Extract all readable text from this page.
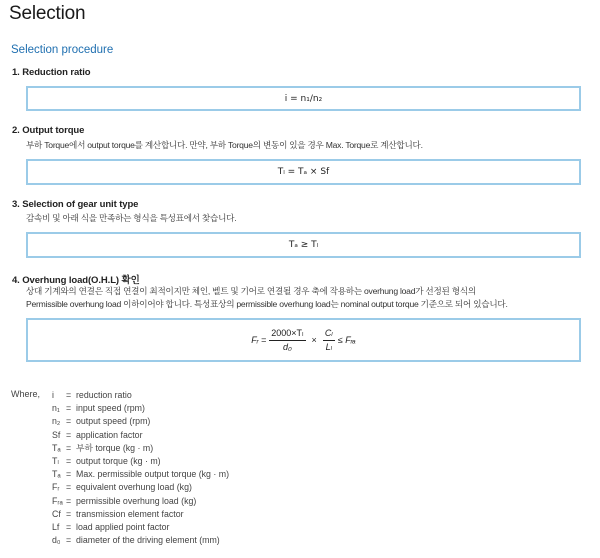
Selection
Selection procedure
1. Reduction ratio
i = n₁/n₂
2. Output torque
부하 Torque에서 output torque를 계산합니다. 만약, 부하 Torque의 변동이 있을 경우 Max. Torque로 계산합니다.
Tₗ = Tₐ × Sf
3. Selection of gear unit type
감속비 및 아래 식을 만족하는 형식을 특성표에서 찾습니다.
Tₐ ≥ Tₗ
4. Overhung load(O.H.L) 확인
상대 기계와의 연결은 직접 연결이 최적이지만 체인, 벨트 및 기어로 연결될 경우 축에 작용하는 overhung load가 선정된 형식의
Permissible overhung load 이하이어야 합니다. 특성표상의 permissible overhung load는 nominal output torque 기준으로 되어 있습니다.
Fᵣ = $\frac{\text{2000×Tₗ}}{\text{d₀}} \times \frac{\text{Cₗ}}{\text{Lₗ}}$ ≤ Fᵣₐ
Where, i	= reduction ratio
n₁ = input speed (rpm)
n₂ = output speed (rpm)
Sf = application factor
Tₐ = 부하 torque (kg · m)
Tₗ = output torque (kg · m)
Tₐ = Max. permissible output torque (kg · m)
Fᵣ = equivalent overhung load (kg)
Fᵣₐ = permissible overhung load (kg)
Cf = transmission element factor
Lf = load applied point factor
d₀ = diameter of the driving element (mm)
